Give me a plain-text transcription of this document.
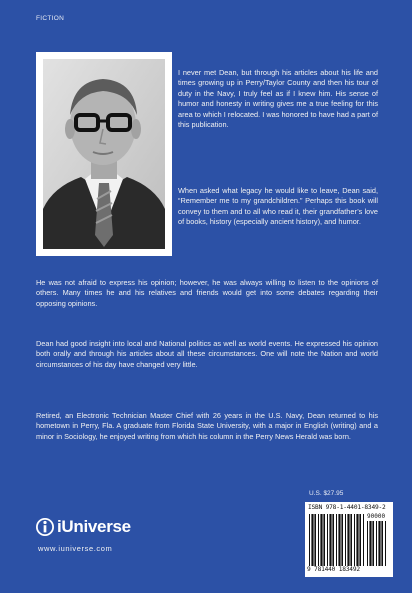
FICTION

I never met Dean, but through his articles about his life and times growing up in Perry/Taylor County and then his tour of duty in the Navy, I truly feel as if I knew him. His sense of humor and honesty in writing gives me a true feeling for this area to which I relocated. I was honored to have had a part of this publication.

When asked what legacy he would like to leave, Dean said, “Remember me to my grandchildren.” Perhaps this book will convey to them and to all who read it, their grandfather’s love of books, history (especially ancient history), and humor.

He was not afraid to express his opinion; however, he was always willing to listen to the opinions of others. Many times he and his relatives and friends would get into some debates regarding their opposing opinions.

Dean had good insight into local and National politics as well as world events. He expressed his opinion both orally and through his articles about all these circumstances. One will note the Nation and world circumstances of his day have changed very little.

Retired, an Electronic Technician Master Chief with 26 years in the U.S. Navy, Dean returned to his hometown in Perry, Fla. A graduate from Florida State University, with a major in English (writing) and a minor in Sociology, he enjoyed writing from which his column in the Perry News Herald was born.

U.S. $27.95
ISBN 978-1-4401-8349-2
90000
9 781440 183492
iUniverse
www.iuniverse.com
